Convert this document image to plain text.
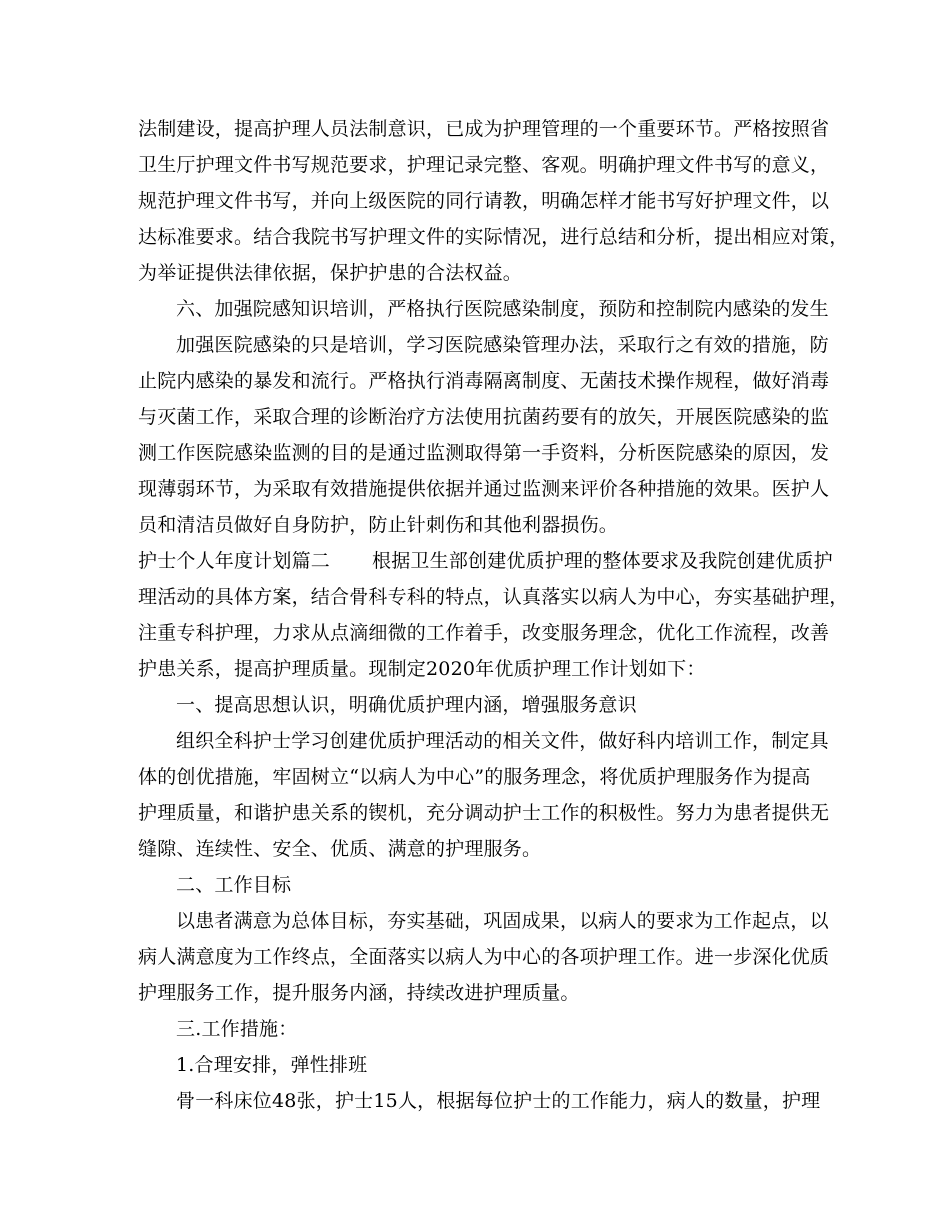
法制建设，提高护理人员法制意识，已成为护理管理的一个重要环节。严格按照省
卫生厅护理文件书写规范要求，护理记录完整、客观。明确护理文件书写的意义，
规范护理文件书写，并向上级医院的同行请教，明确怎样才能书写好护理文件，以
达标准要求。结合我院书写护理文件的实际情况，进行总结和分析，提出相应对策，
为举证提供法律依据，保护护患的合法权益。
六、加强院感知识培训，严格执行医院感染制度，预防和控制院内感染的发生
加强医院感染的只是培训，学习医院感染管理办法，采取行之有效的措施，防
止院内感染的暴发和流行。严格执行消毒隔离制度、无菌技术操作规程，做好消毒
与灭菌工作，采取合理的诊断治疗方法使用抗菌药要有的放矢，开展医院感染的监
测工作医院感染监测的目的是通过监测取得第一手资料，分析医院感染的原因，发
现薄弱环节，为采取有效措施提供依据并通过监测来评价各种措施的效果。医护人
员和清洁员做好自身防护，防止针刺伤和其他利器损伤。
护士个人年度计划篇二 根据卫生部创建优质护理的整体要求及我院创建优质护
理活动的具体方案，结合骨科专科的特点，认真落实以病人为中心，夯实基础护理，
注重专科护理，力求从点滴细微的工作着手，改变服务理念，优化工作流程，改善
护患关系，提高护理质量。现制定2020年优质护理工作计划如下：
一、提高思想认识，明确优质护理内涵，增强服务意识
组织全科护士学习创建优质护理活动的相关文件，做好科内培训工作，制定具
体的创优措施，牢固树立“以病人为中心”的服务理念，将优质护理服务作为提高
护理质量，和谐护患关系的锲机，充分调动护士工作的积极性。努力为患者提供无
缝隙、连续性、安全、优质、满意的护理服务。
二、工作目标
以患者满意为总体目标，夯实基础，巩固成果，以病人的要求为工作起点，以
病人满意度为工作终点，全面落实以病人为中心的各项护理工作。进一步深化优质
护理服务工作，提升服务内涵，持续改进护理质量。
三.工作措施：
1.合理安排，弹性排班
骨一科床位48张，护士15人，根据每位护士的工作能力，病人的数量，护理
